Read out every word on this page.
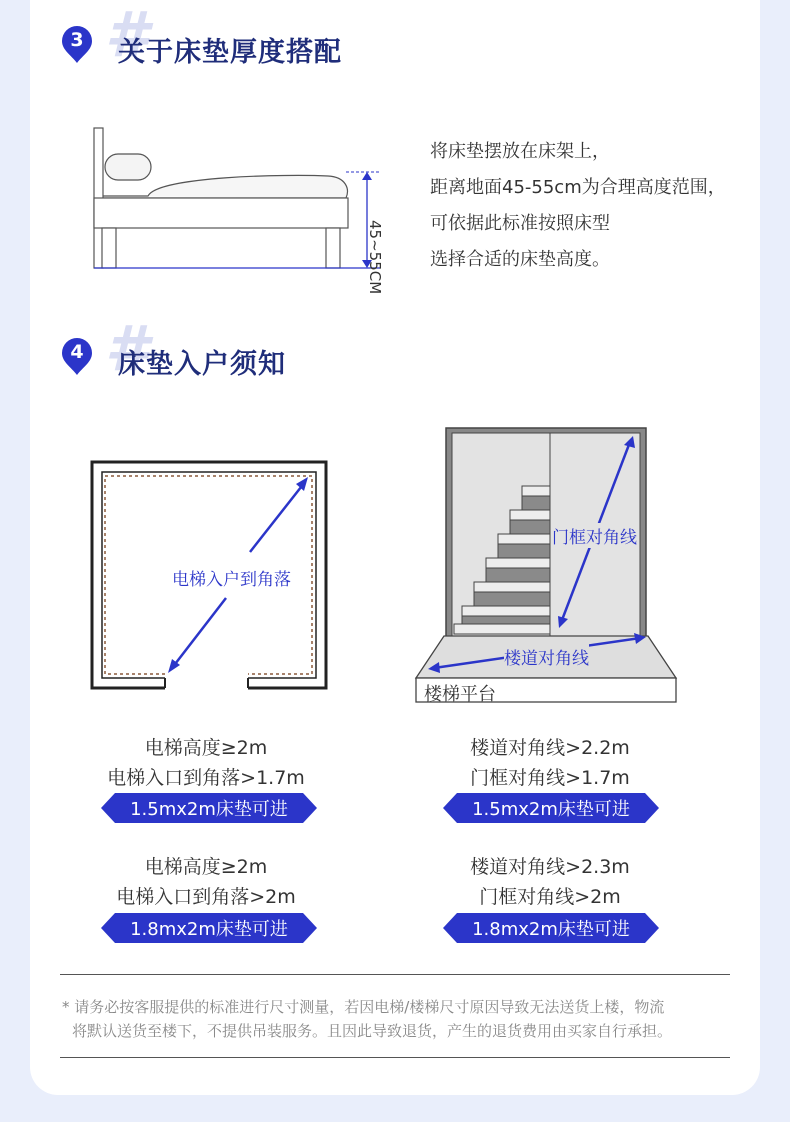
#
3	关于床垫厚度搭配
45~55CM
将床垫摆放在床架上，
距离地面45-55cm为合理高度范围，
可依据此标准按照床型
选择合适的床垫高度。
#
4	床垫入户须知
电梯入户到角落
门框对角线
楼道对角线
楼梯平台
电梯高度≥2m
电梯入口到角落>1.7m
1.5mx2m床垫可进
电梯高度≥2m
电梯入口到角落>2m
1.8mx2m床垫可进
楼道对角线>2.2m
门框对角线>1.7m
1.5mx2m床垫可进
楼道对角线>2.3m
门框对角线>2m
1.8mx2m床垫可进
* 请务必按客服提供的标准进行尺寸测量，若因电梯/楼梯尺寸原因导致无法送货上楼，物流
将默认送货至楼下，不提供吊装服务。且因此导致退货，产生的退货费用由买家自行承担。
